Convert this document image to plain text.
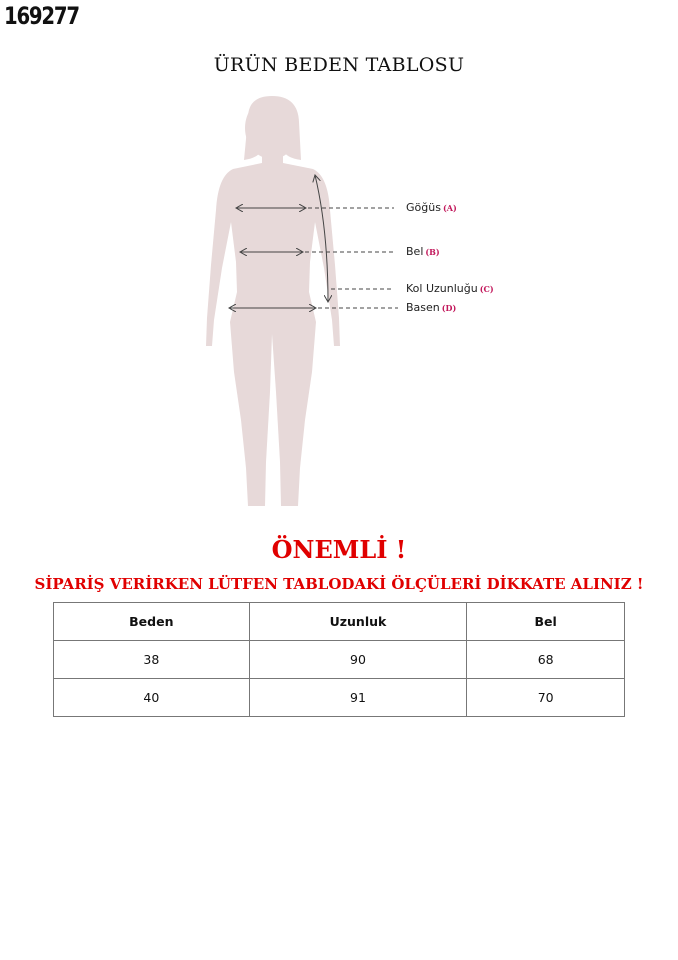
169277
ÜRÜN BEDEN TABLOSU
Göğüs (A)
Bel (B)
Kol Uzunluğu (C)
Basen (D)
ÖNEMLİ !
SİPARİŞ VERİRKEN LÜTFEN TABLODAKİ ÖLÇÜLERİ DİKKATE ALINIZ !
Beden	Uzunluk	Bel
38	90	68
40	91	70
